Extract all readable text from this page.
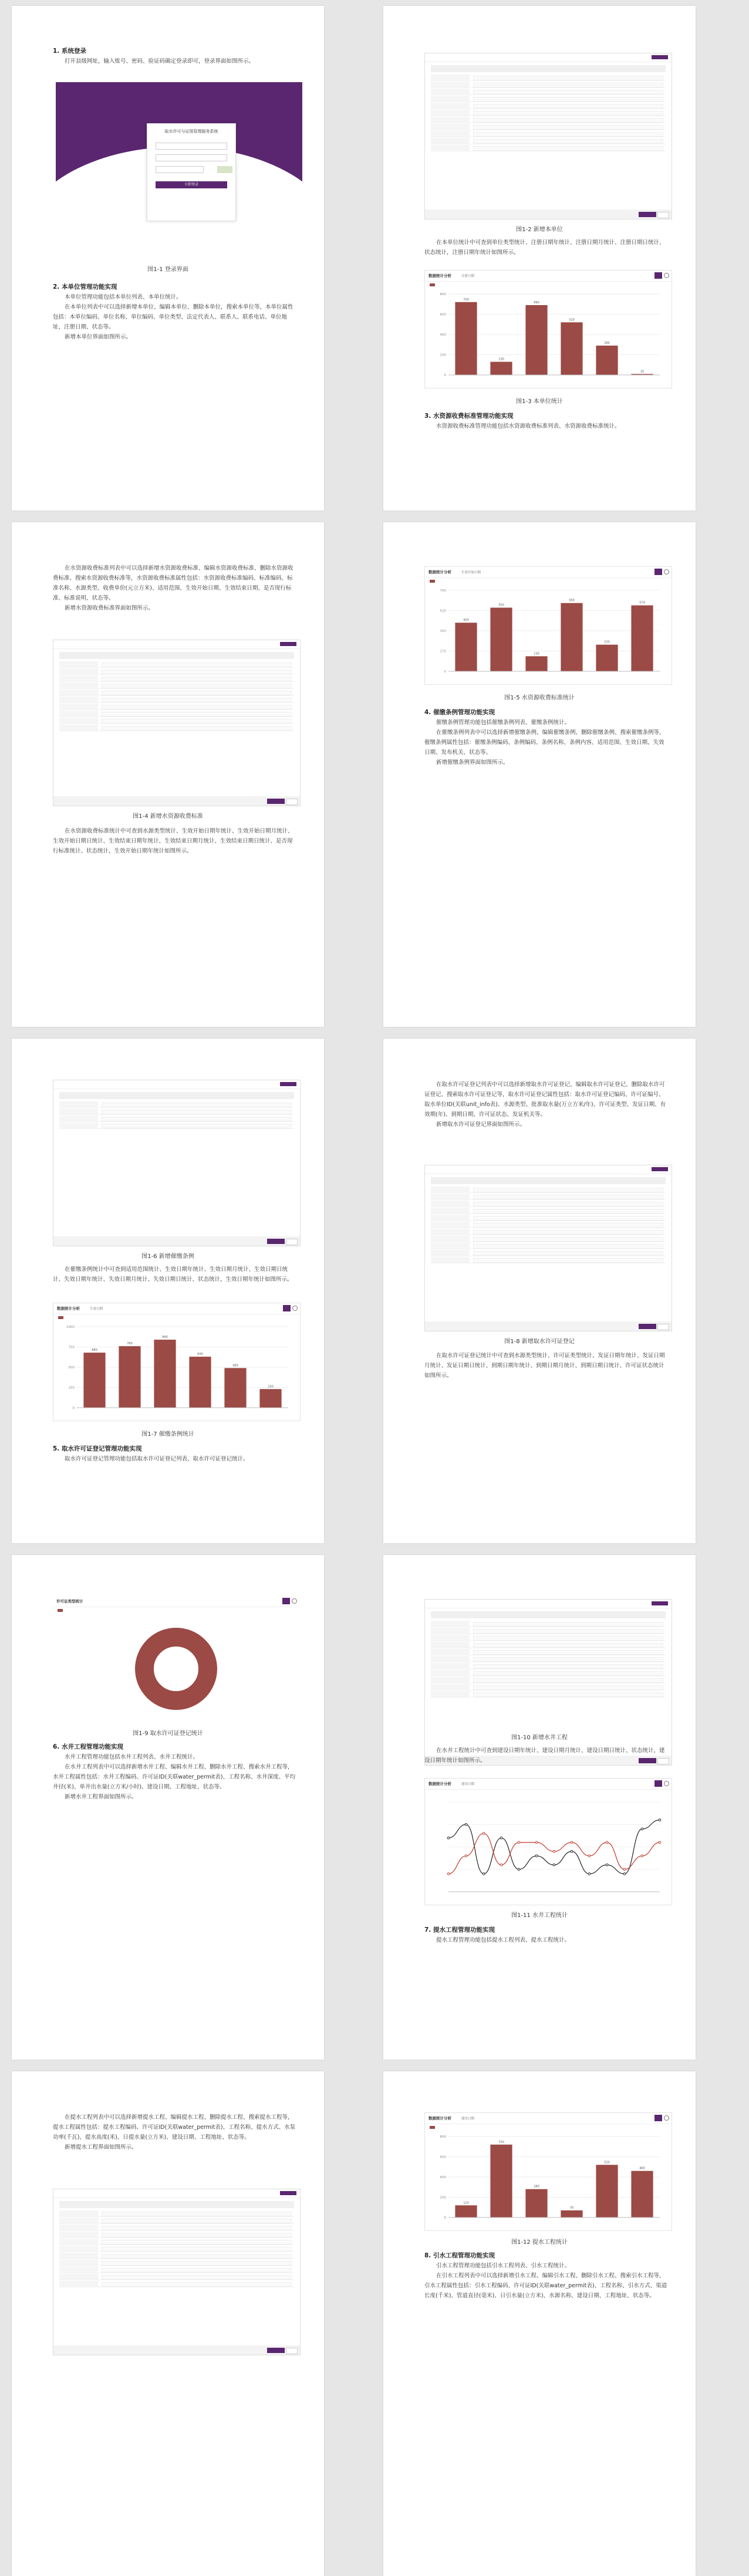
1. 系统登录

打开县级网址，输入账号、密码、验证码确定登录即可，登录界面如图所示。

取水许可与证照管理服务系统

立即登录
图1-1 登录界面

2. 本单位管理功能实现

本单位管理功能包括本单位列表、本单位统计。

在本单位列表中可以选择新增本单位、编辑本单位、删除本单位，搜索本单位等，本单位属性包括：本单位编码、单位名称、单位编码、单位类型、法定代表人、联系人、联系电话、单位地址、注册日期、状态等。

新增本单位界面如图所示。

图1-2 新增本单位

在本单位统计中可查到单位类型统计、注册日期年统计、注册日期月统计、注册日期日统计、状态统计，注册日期年统计如图所示。

数据统计分析	注册日期
0
200
400
600
800
720
130
690
520
290
10
图1-3 本单位统计

3. 水资源收费标准管理功能实现

水资源收费标准管理功能包括水资源收费标准列表、水资源收费标准统计。

在水资源收费标准列表中可以选择新增水资源收费标准、编辑水资源收费标准、删除水资源收费标准、搜索水资源收费标准等，水资源收费标准属性包括：水资源收费标准编码、标准编码、标准名称、水源类型、收费单价(元立方米)、适用范围、生效开始日期、生效结束日期、是否现行标准、标准说明、状态等。

新增水资源收费标准界面如图所示。

图1-4 新增水资源收费标准

在水资源收费标准统计中可查到水源类型统计、生效开始日期年统计、生效开始日期月统计、生效开始日期日统计、生效结束日期年统计、生效结束日期月统计、生效结束日期日统计、是否现行标准统计、状态统计，生效开始日期年统计如图所示。

数据统计分析	生效开始日期
0
175
350
525
700
420
550
130
590
230
570
图1-5 水资源收费标准统计

4. 催缴条例管理功能实现

催缴条例管理功能包括催缴条例列表、催缴条例统计。

在催缴条例列表中可以选择新增催缴条例、编辑催缴条例、删除催缴条例、搜索催缴条例等，催缴条例属性包括：催缴条例编码、条例编码、条例名称、条例内容、适用范围、生效日期、失效日期、发布机关、状态等。

新增催缴条例界面如图所示。

图1-6 新增催缴条例

在催缴条例统计中可查到适用范围统计、生效日期年统计、生效日期月统计、生效日期日统计、失效日期年统计、失效日期月统计、失效日期日统计、状态统计，生效日期年统计如图所示。

数据统计分析	生效日期
0
250
500
750
1000
680
760
840
630
490
230
图1-7 催缴条例统计

5. 取水许可证登记管理功能实现

取水许可证登记管理功能包括取水许可证登记列表、取水许可证登记统计。

在取水许可证登记列表中可以选择新增取水许可证登记、编辑取水许可证登记、删除取水许可证登记、搜索取水许可证登记等，取水许可证登记属性包括：取水许可证登记编码、许可证编号、取水单位ID(关联unit_info表)、水源类型、批准取水量(万立方米/年)、许可证类型、发证日期、有效期(年)、到期日期、许可证状态、发证机关等。

新增取水许可证登记界面如图所示。

图1-8 新增取水许可证登记

在取水许可证登记统计中可查到水源类型统计、许可证类型统计、发证日期年统计、发证日期月统计、发证日期日统计、到期日期年统计、到期日期月统计、到期日期日统计、许可证状态统计如图所示。

许可证类型统计
图1-9 取水许可证登记统计

6. 水井工程管理功能实现

水井工程管理功能包括水井工程列表、水井工程统计。

在水井工程列表中可以选择新增水井工程、编辑水井工程、删除水井工程、搜索水井工程等，水井工程属性包括：水井工程编码、许可证ID(关联water_permit表)、工程名称、水井深度、平均井径(米)、单井出水量(立方米/小时)、建设日期、工程地址、状态等。

新增水井工程界面如图所示。

图1-10 新增水井工程

在水井工程统计中可查到建设日期年统计、建设日期月统计、建设日期日统计、状态统计，建设日期年统计如图所示。

数据统计分析	建设日期
图1-11 水井工程统计

7. 提水工程管理功能实现

提水工程管理功能包括提水工程列表、提水工程统计。

在提水工程列表中可以选择新增提水工程、编辑提水工程、删除提水工程、搜索提水工程等，提水工程属性包括：提水工程编码、许可证ID(关联water_permit表)、工程名称、提水方式、水泵功率(千瓦)、提水高度(米)、日提水量(立方米)、建设日期、工程地址、状态等。

新增提水工程界面如图所示。

数据统计分析	建设日期
0
200
400
600
800
120
720
280
70
520
460
图1-12 提水工程统计

8. 引水工程管理功能实现

引水工程管理功能包括引水工程列表、引水工程统计。

在引水工程列表中可以选择新增引水工程、编辑引水工程、删除引水工程、搜索引水工程等，引水工程属性包括：引水工程编码、许可证ID(关联water_permit表)、工程名称、引水方式、渠道长度(千米)、管道直径(毫米)、日引水量(立方米)、水源名称、建设日期、工程地址、状态等。
